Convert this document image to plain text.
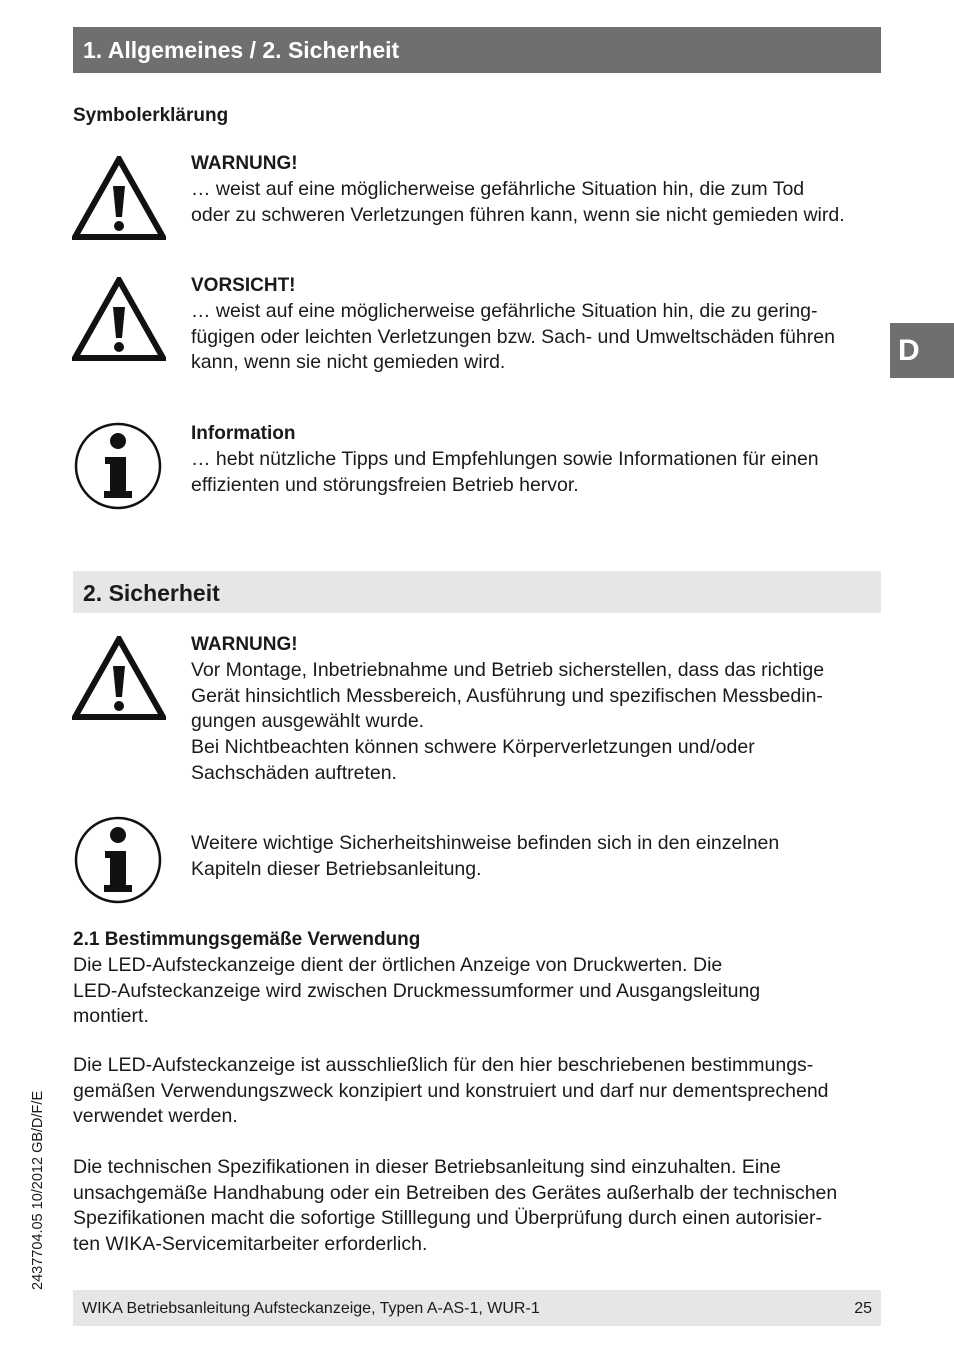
1. Allgemeines / 2. Sicherheit
D
Symbolerklärung
WARNUNG!
… weist auf eine möglicherweise gefährliche Situation hin, die zum Tod
oder zu schweren Verletzungen führen kann, wenn sie nicht gemieden wird.
VORSICHT!
… weist auf eine möglicherweise gefährliche Situation hin, die zu gering-
fügigen oder leichten Verletzungen bzw. Sach- und Umweltschäden führen
kann, wenn sie nicht gemieden wird.
Information
… hebt nützliche Tipps und Empfehlungen sowie Informationen für einen
effizienten und störungsfreien Betrieb hervor.
2. Sicherheit
WARNUNG!
Vor Montage, Inbetriebnahme und Betrieb sicherstellen, dass das richtige
Gerät hinsichtlich Messbereich, Ausführung und spezifischen Messbedin-
gungen ausgewählt wurde.
Bei Nichtbeachten können schwere Körperverletzungen und/oder
Sachschäden auftreten.
Weitere wichtige Sicherheitshinweise befinden sich in den einzelnen
Kapiteln dieser Betriebsanleitung.
2.1 Bestimmungsgemäße Verwendung
Die LED-Aufsteckanzeige dient der örtlichen Anzeige von Druckwerten. Die
LED-Aufsteckanzeige wird zwischen Druckmessumformer und Ausgangsleitung
montiert.
Die LED-Aufsteckanzeige ist ausschließlich für den hier beschriebenen bestimmungs-
gemäßen Verwendungszweck konzipiert und konstruiert und darf nur dementsprechend
verwendet werden.
Die technischen Spezifikationen in dieser Betriebsanleitung sind einzuhalten. Eine
unsachgemäße Handhabung oder ein Betreiben des Gerätes außerhalb der technischen
Spezifikationen macht die sofortige Stilllegung und Überprüfung durch einen autorisier-
ten WIKA-Servicemitarbeiter erforderlich.
2437704.05 10/2012 GB/D/F/E
WIKA Betriebsanleitung Aufsteckanzeige, Typen A-AS-1, WUR-1	25
